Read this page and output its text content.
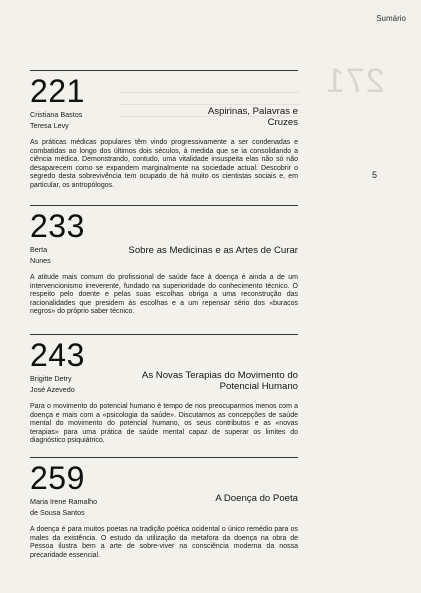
271
Sumário
5
221
Cristiana Bastos
Teresa Levy
Aspirinas, Palavras e Cruzes
As práticas médicas populares têm vindo progressivamente a ser condenadas e combatidas ao longo dos últimos dois séculos, à medida que se ia consolidando a ciência médica. Demonstrando, contudo, uma vitalidade insuspeita elas não só não desaparecem como se expandem marginalmente na sociedade actual. Descobrir o segredo desta sobrevivência tem ocupado de há muito os cientistas sociais e, em particular, os antropólogos.
233
Berta
Nunes
Sobre as Medicinas e as Artes de Curar
A atitude mais comum do profissional de saúde face à doença é ainda a de um intervencionismo irreverente, fundado na superioridade do conhecimento técnico. O respeito pelo doente e pelas suas escolhas obriga a uma reconstrução das racionalidades que presidem às escolhas e a um repensar sério dos «buracos negros» do próprio saber técnico.
243
Brigitte Detry
José Azevedo
As Novas Terapias do Movimento do Potencial Humano
Para o movimento do potencial humano é tempo de nos preocuparmos menos com a doença e mais com a «psicologia da saúde». Discutamos as concepções de saúde mental do movimento do potencial humano, os seus contributos e as «novas terapias» para uma prática de saúde mental capaz de superar os limites do diagnóstico psiquiátrico.
259
Maria Irene Ramalho
de Sousa Santos
A Doença do Poeta
A doença é para muitos poetas na tradição poética ocidental o único remédio para os males da existência. O estudo da utilização da metafora da doença na obra de Pessoa ilustra bem a arte de sobre-viver na consciência moderna da nossa precaridade essencial.
